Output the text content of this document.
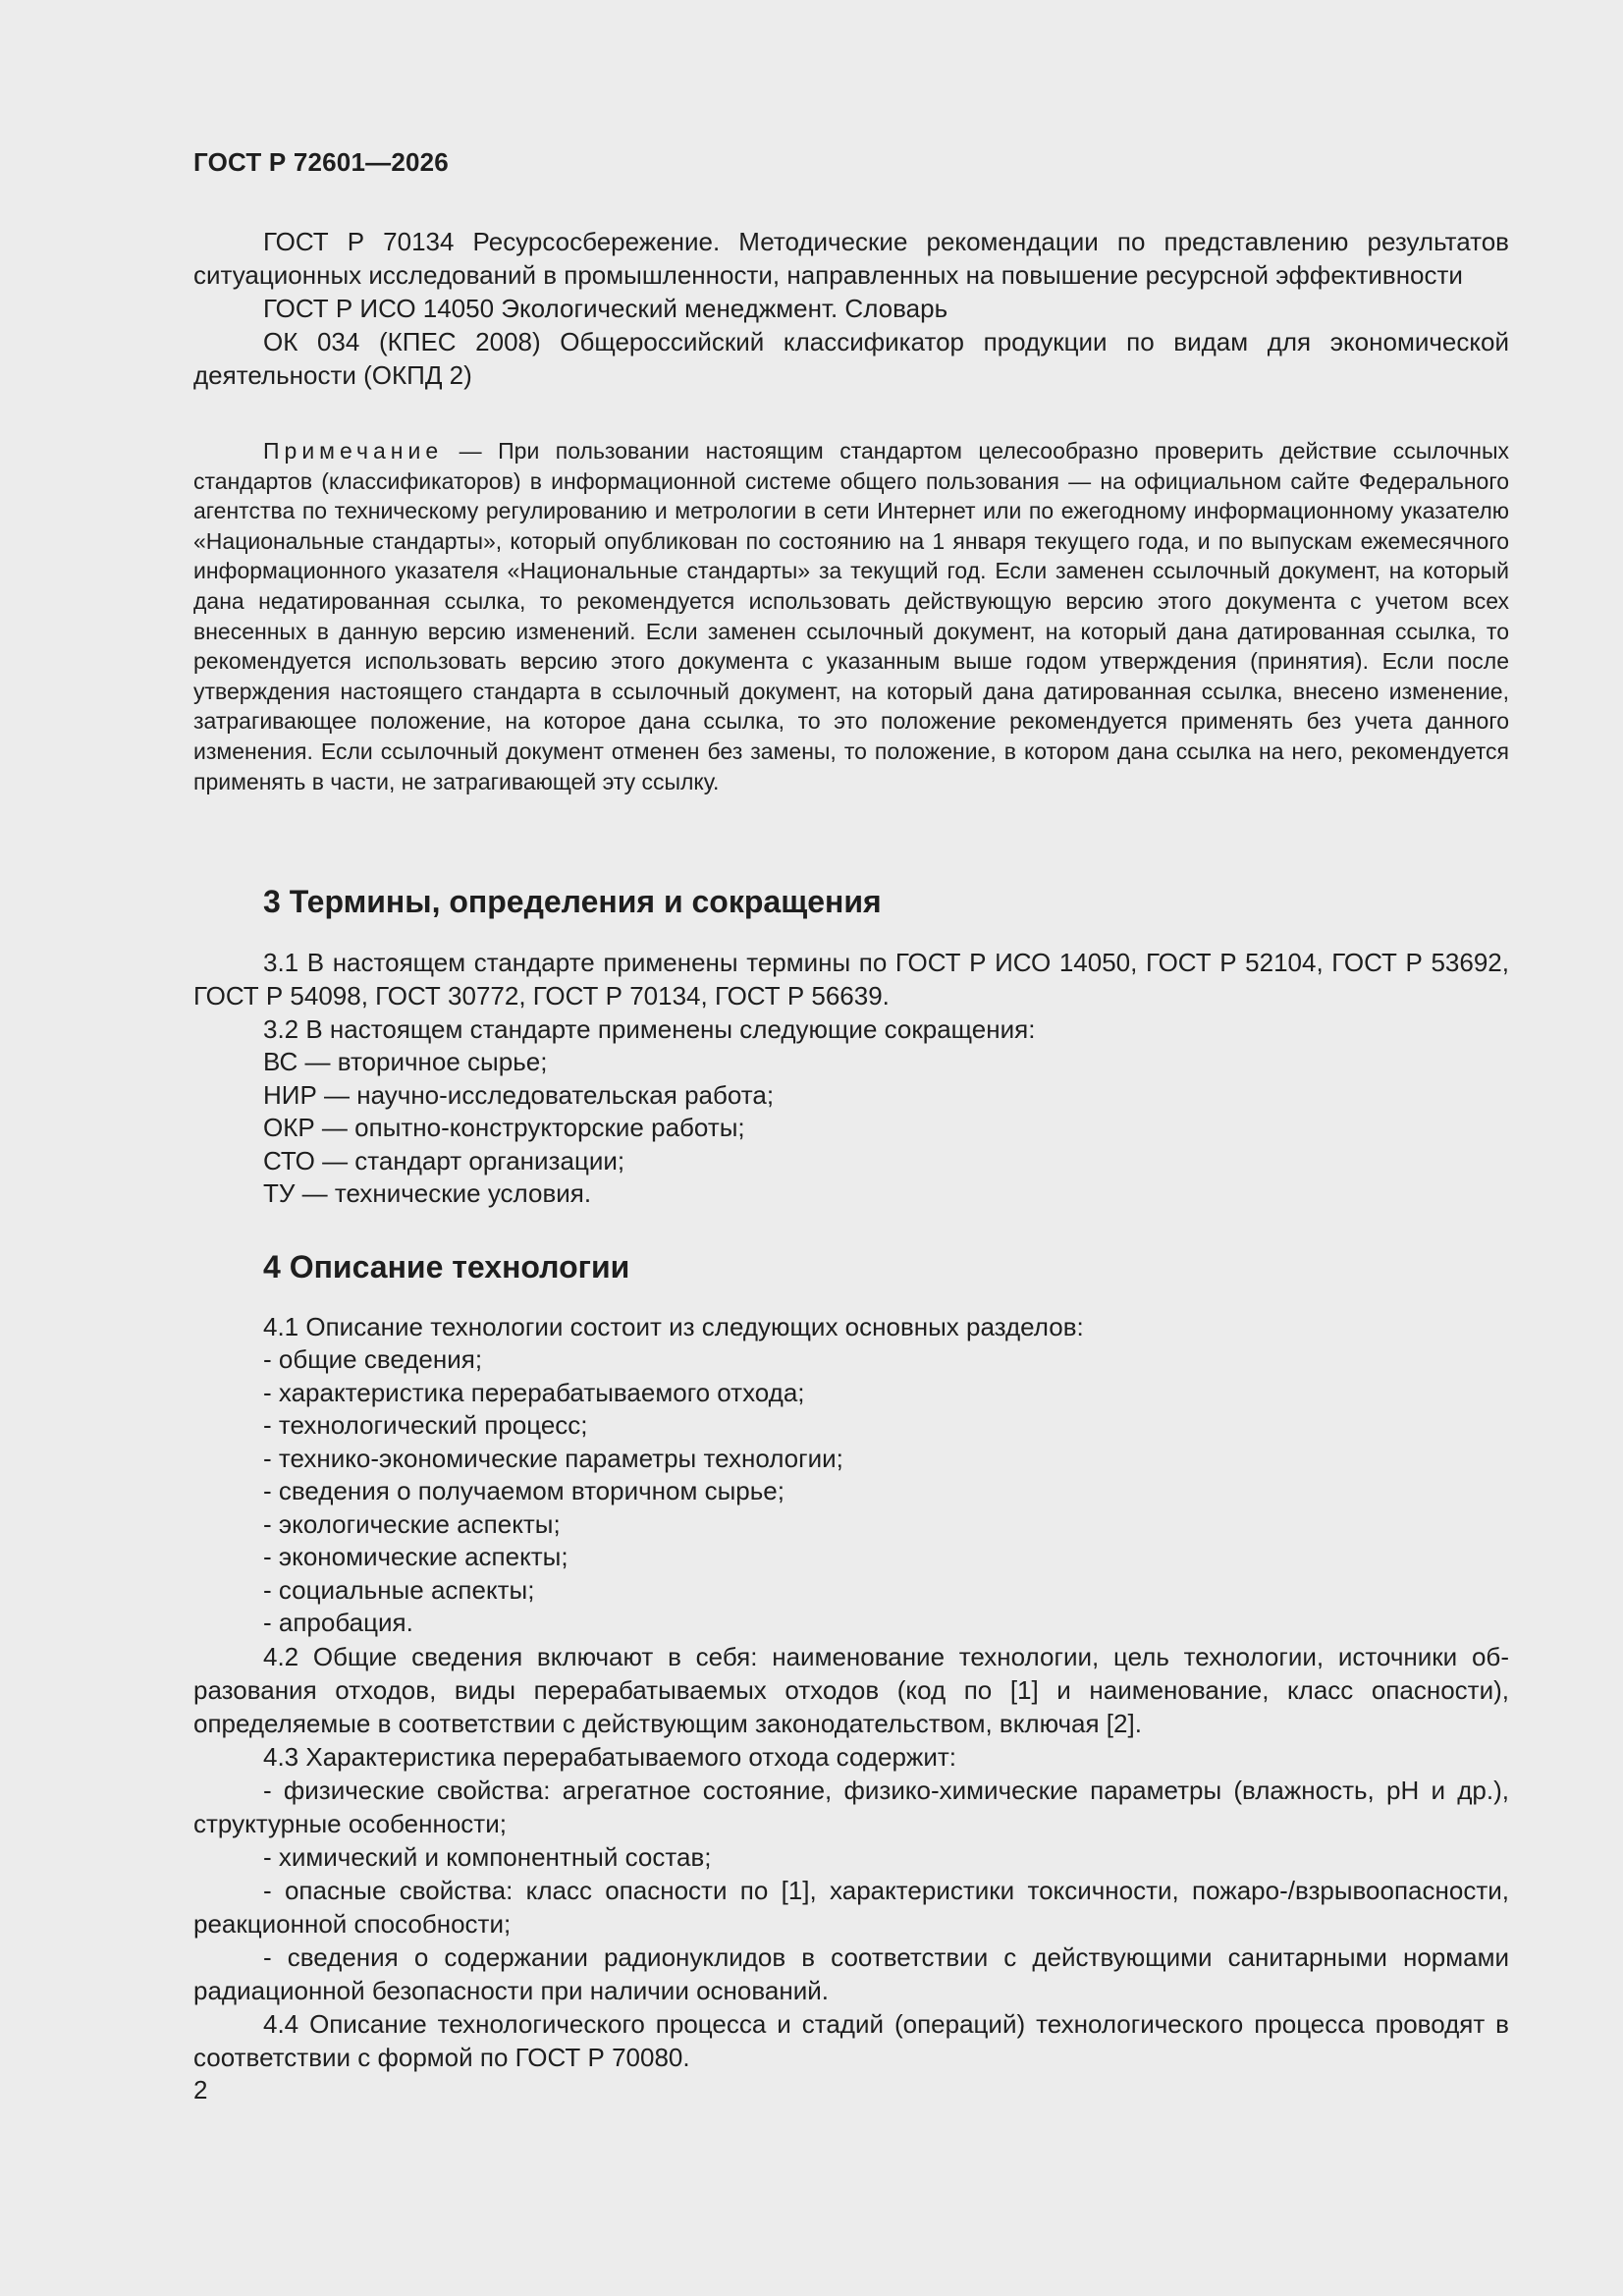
ГОСТ Р 72601—2026

ГОСТ Р 70134 Ресурсосбережение. Методические рекомендации по представлению результатов ситуационных исследований в промышленности, направленных на повышение ресурсной эффективности

ГОСТ Р ИСО 14050 Экологический менеджмент. Словарь

ОК 034 (КПЕС 2008) Общероссийский классификатор продукции по видам для экономической деятельности (ОКПД 2)

Примечание — При пользовании настоящим стандартом целесообразно проверить действие ссылочных стандартов (классификаторов) в информационной системе общего пользования — на официальном сайте Федерального агентства по техническому регулированию и метрологии в сети Интернет или по ежегодному информационному указателю «Национальные стандарты», который опубликован по состоянию на 1 января текущего года, и по выпускам ежемесячного информационного указателя «Национальные стандарты» за текущий год. Если заменен ссылочный документ, на который дана недатированная ссылка, то рекомендуется использовать действующую версию этого документа с учетом всех внесенных в данную версию изменений. Если заменен ссылочный документ, на который дана датированная ссылка, то рекомендуется использовать версию этого документа с указанным выше годом утверждения (принятия). Если после утверждения настоящего стандарта в ссылочный документ, на который дана датированная ссылка, внесено изменение, затрагивающее положение, на которое дана ссылка, то это положение рекомендуется применять без учета данного изменения. Если ссылочный документ отменен без замены, то положение, в котором дана ссылка на него, рекомендуется применять в части, не затрагивающей эту ссылку.

3 Термины, определения и сокращения

3.1 В настоящем стандарте применены термины по ГОСТ Р ИСО 14050, ГОСТ Р 52104, ГОСТ Р 53692, ГОСТ Р 54098, ГОСТ 30772, ГОСТ Р 70134, ГОСТ Р 56639.

3.2 В настоящем стандарте применены следующие сокращения:

ВС — вторичное сырье;
НИР — научно-исследовательская работа;
ОКР — опытно-конструкторские работы;
СТО — стандарт организации;
ТУ — технические условия.
4 Описание технологии

4.1 Описание технологии состоит из следующих основных разделов:

- общие сведения;
- характеристика перерабатываемого отхода;
- технологический процесс;
- технико-экономические параметры технологии;
- сведения о получаемом вторичном сырье;
- экологические аспекты;
- экономические аспекты;
- социальные аспекты;
- апробация.

4.2 Общие сведения включают в себя: наименование технологии, цель технологии, источники образования отходов, виды перерабатываемых отходов (код по [1] и наименование, класс опасности), определяемые в соответствии с действующим законодательством, включая [2].

4.3 Характеристика перерабатываемого отхода содержит:

- физические свойства: агрегатное состояние, физико-химические параметры (влажность, рН и др.), структурные особенности;

- химический и компонентный состав;

- опасные свойства: класс опасности по [1], характеристики токсичности, пожаро-/взрывоопасности, реакционной способности;

- сведения о содержании радионуклидов в соответствии с действующими санитарными нормами радиационной безопасности при наличии оснований.

4.4 Описание технологического процесса и стадий (операций) технологического процесса проводят в соответствии с формой по ГОСТ Р 70080.

2
